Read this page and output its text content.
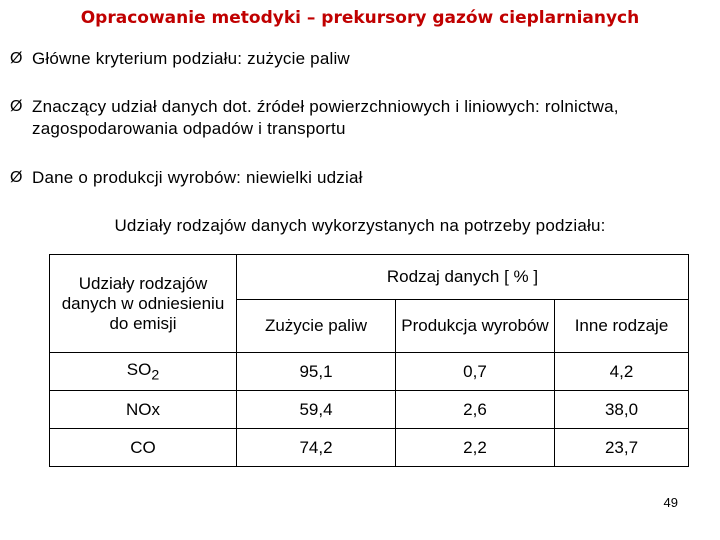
Opracowanie metodyki – prekursory gazów cieplarnianych
Ø Główne kryterium podziału: zużycie paliw
Ø Znaczący udział danych dot. źródeł powierzchniowych i liniowych: rolnictwa, zagospodarowania odpadów i transportu
Ø Dane o produkcji wyrobów: niewielki udział
Udziały rodzajów danych wykorzystanych na potrzeby podziału:
Udziały rodzajów danych w odniesieniu do emisji	Rodzaj danych [ % ]		
	Zużycie paliw	Produkcja wyrobów	Inne rodzaje
$SO_2$	95,1	0,7	4,2
NOx	59,4	2,6	38,0
CO	74,2	2,2	23,7
49
